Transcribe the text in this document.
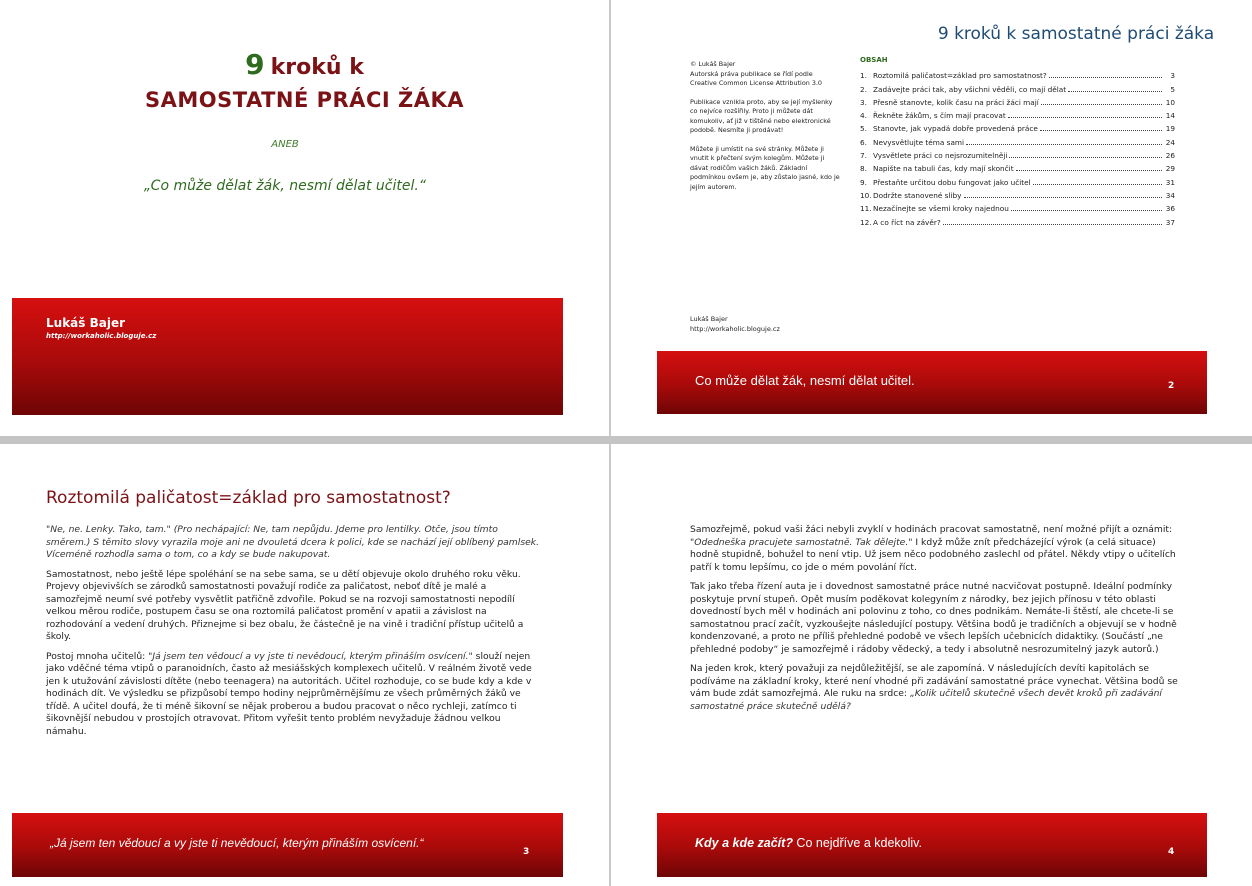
9 kroků k
SAMOSTATNÉ PRÁCI ŽÁKA
ANEB
„Co může dělat žák, nesmí dělat učitel.“
Lukáš Bajer
http://workaholic.bloguje.cz
9 kroků k samostatné práci žáka

© Lukáš Bajer

Autorská práva publikace se řídí podle Creative Common License Attribution 3.0

Publikace vznikla proto, aby se její myšlenky co nejvíce rozšířily. Proto ji můžete dát komukoliv, ať již v tištěné nebo elektronické podobě. Nesmíte ji prodávat!

Můžete ji umístit na své stránky. Můžete ji vnutit k přečtení svým kolegům. Můžete ji dávat rodičům vašich žáků. Základní podmínkou ovšem je, aby zůstalo jasné, kdo je jejím autorem.

OBSAH
1. Roztomilá paličatost=základ pro samostatnost?	3
2. Zadávejte práci tak, aby všichni věděli, co mají dělat	5
3. Přesně stanovte, kolik času na práci žáci mají	10
4. Řekněte žákům, s čím mají pracovat	14
5. Stanovte, jak vypadá dobře provedená práce	19
6. Nevysvětlujte téma sami	24
7. Vysvětlete práci co nejsrozumitelněji	26
8. Napište na tabuli čas, kdy mají skončit	29
9. Přestaňte určitou dobu fungovat jako učitel	31
10. Dodržte stanovené sliby	34
11. Nezačínejte se všemi kroky najednou	36
12. A co říct na závěr?	37
Lukáš Bajer
http://workaholic.bloguje.cz
Co může dělat žák, nesmí dělat učitel.	2
Roztomilá paličatost=základ pro samostatnost?

"Ne, ne. Lenky. Tako, tam." (Pro nechápající: Ne, tam nepůjdu. Jdeme pro lentilky. Otče, jsou tímto směrem.) S těmito slovy vyrazila moje ani ne dvouletá dcera k polici, kde se nachází její oblíbený pamlsek. Víceméně rozhodla sama o tom, co a kdy se bude nakupovat.

Samostatnost, nebo ještě lépe spoléhání se na sebe sama, se u dětí objevuje okolo druhého roku věku. Projevy objevivších se zárodků samostatnosti považují rodiče za paličatost, neboť dítě je malé a samozřejmě neumí své potřeby vysvětlit patřičně zdvořile. Pokud se na rozvoji samostatnosti nepodílí velkou měrou rodiče, postupem času se ona roztomilá paličatost promění v apatii a závislost na rozhodování a vedení druhých. Přiznejme si bez obalu, že částečně je na vině i tradiční přístup učitelů a školy.

Postoj mnoha učitelů: "Já jsem ten vědoucí a vy jste ti nevědoucí, kterým přináším osvícení." slouží nejen jako vděčné téma vtipů o paranoidních, často až mesiášských komplexech učitelů. V reálném životě vede jen k utužování závislosti dítěte (nebo teenagera) na autoritách. Učitel rozhoduje, co se bude kdy a kde v hodinách dít. Ve výsledku se přizpůsobí tempo hodiny nejprůměrnějšímu ze všech průměrných žáků ve třídě. A učitel doufá, že ti méně šikovní se nějak proberou a budou pracovat o něco rychleji, zatímco ti šikovnější nebudou v prostojích otravovat. Přitom vyřešit tento problém nevyžaduje žádnou velkou námahu.

„Já jsem ten vědoucí a vy jste ti nevědoucí, kterým přináším osvícení.“
3

Samozřejmě, pokud vaši žáci nebyli zvyklí v hodinách pracovat samostatně, není možné přijít a oznámit: "Odedneška pracujete samostatně. Tak dělejte." I když může znít předcházející výrok (a celá situace) hodně stupidně, bohužel to není vtip. Už jsem něco podobného zaslechl od přátel. Někdy vtipy o učitelích patří k tomu lepšímu, co jde o mém povolání říct.

Tak jako třeba řízení auta je i dovednost samostatné práce nutné nacvičovat postupně. Ideální podmínky poskytuje první stupeň. Opět musím poděkovat kolegyním z národky, bez jejich přínosu v této oblasti dovedností bych měl v hodinách ani polovinu z toho, co dnes podnikám. Nemáte-li štěstí, ale chcete-li se samostatnou prací začít, vyzkoušejte následující postupy. Většina bodů je tradičních a objevují se v hodně kondenzované, a proto ne příliš přehledné podobě ve všech lepších učebnicích didaktiky. (Součástí „ne přehledné podoby“ je samozřejmě i rádoby vědecký, a tedy i absolutně nesrozumitelný jazyk autorů.)

Na jeden krok, který považuji za nejdůležitější, se ale zapomíná. V následujících devíti kapitolách se podíváme na základní kroky, které není vhodné při zadávání samostatné práce vynechat. Většina bodů se vám bude zdát samozřejmá. Ale ruku na srdce: „Kolik učitelů skutečně všech devět kroků při zadávání samostatné práce skutečně udělá?

Kdy a kde začít? Co nejdříve a kdekoliv.
4
